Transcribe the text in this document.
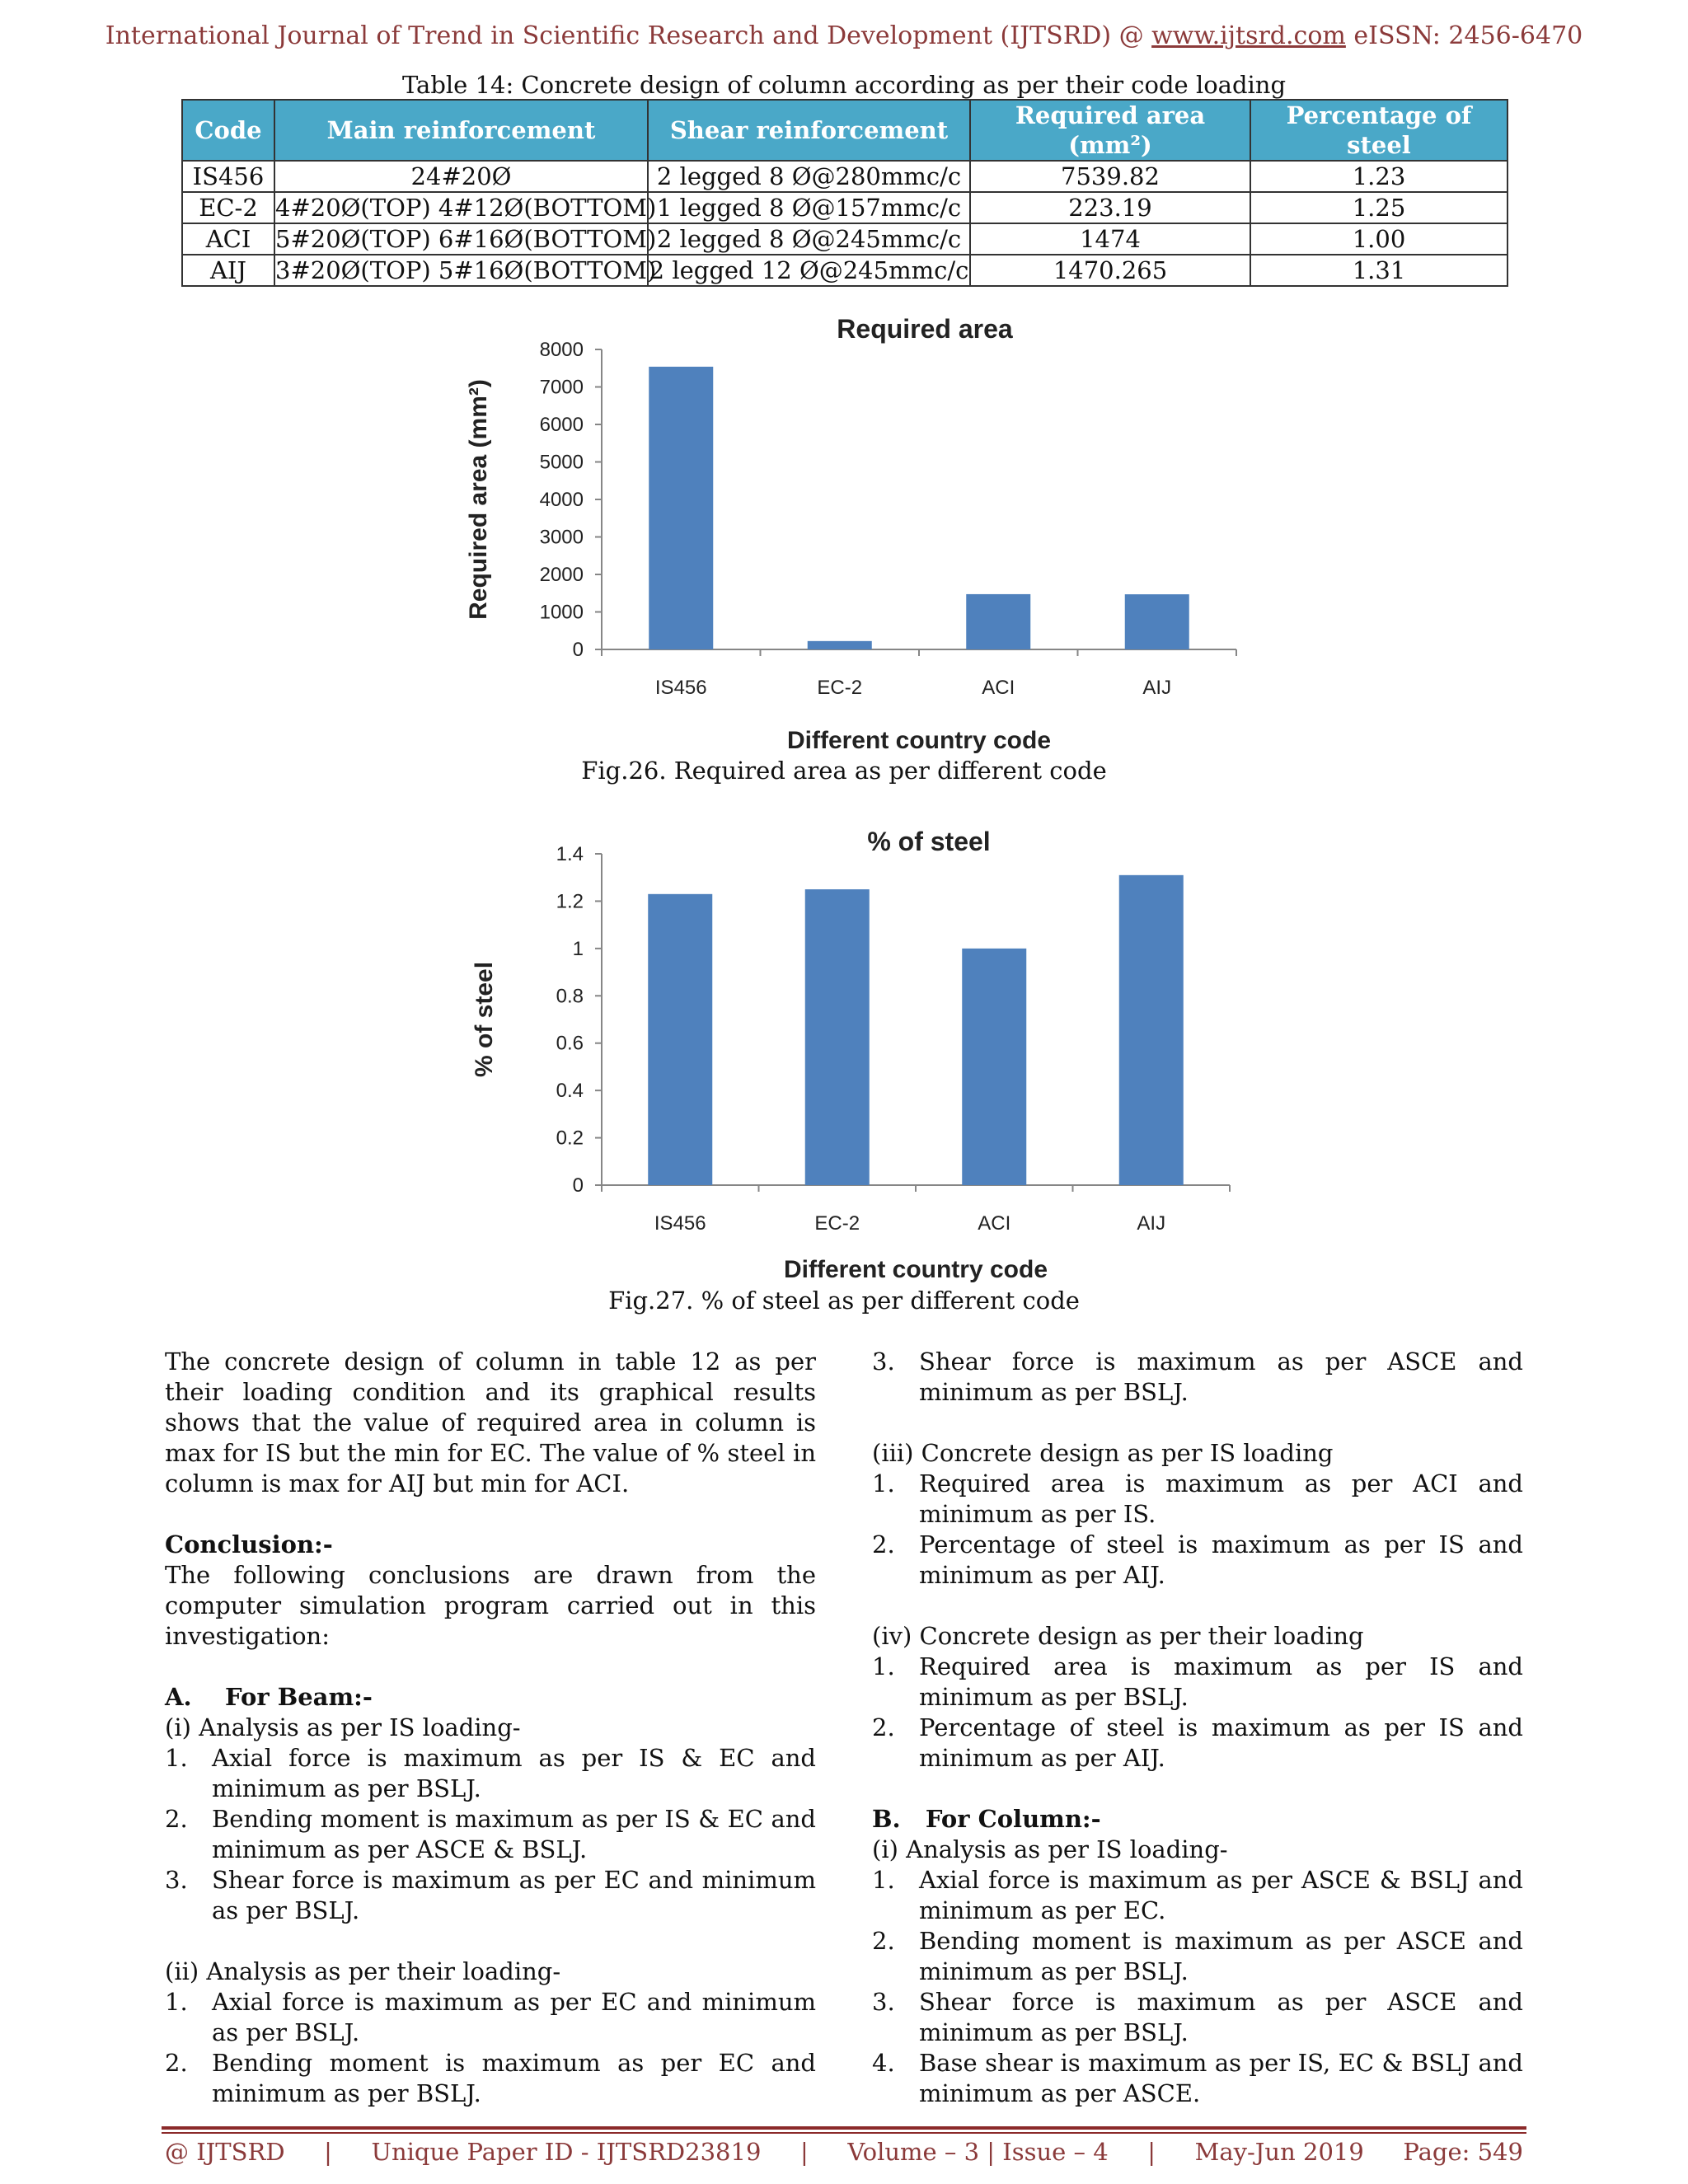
International Journal of Trend in Scientific Research and Development (IJTSRD) @ www.ijtsrd.com eISSN: 2456-6470
Table 14: Concrete design of column according as per their code loading
Code	Main reinforcement	Shear reinforcement	Required area (mm²)	Percentage of steel
IS456	24#20Ø	2 legged 8 Ø@280mmc/c	7539.82	1.23
EC-2	4#20Ø(TOP) 4#12Ø(BOTTOM)	1 legged 8 Ø@157mmc/c	223.19	1.25
ACI	5#20Ø(TOP) 6#16Ø(BOTTOM)	2 legged 8 Ø@245mmc/c	1474	1.00
AIJ	3#20Ø(TOP) 5#16Ø(BOTTOM)	2 legged 12 Ø@245mmc/c	1470.265	1.31
Required area
0
1000
2000
3000
4000
5000
6000
7000
8000
IS456	EC-2	ACI	AIJ
Different country code
Required area (mm²)
Fig.26. Required area as per different code
% of steel
0
0.2
0.4
0.6
0.8
1
1.2
1.4
IS456	EC-2	ACI	AIJ
Different country code
% of steel
Fig.27. % of steel as per different code

The concrete design of column in table 12 as per their loading condition and its graphical results shows that the value of required area in column is max for IS but the min for EC. The value of % steel in column is max for AIJ but min for ACI.

Conclusion:-

The following conclusions are drawn from the computer simulation program carried out in this investigation:

A. For Beam:-

(i) Analysis as per IS loading-

1. Axial force is maximum as per IS & EC and minimum as per BSLJ.
2. Bending moment is maximum as per IS & EC and minimum as per ASCE & BSLJ.
3. Shear force is maximum as per EC and minimum as per BSLJ.

(ii) Analysis as per their loading-

1. Axial force is maximum as per EC and minimum as per BSLJ.
2. Bending moment is maximum as per EC and minimum as per BSLJ.
3. Shear force is maximum as per ASCE and minimum as per BSLJ.

(iii) Concrete design as per IS loading

1. Required area is maximum as per ACI and minimum as per IS.
2. Percentage of steel is maximum as per IS and minimum as per AIJ.

(iv) Concrete design as per their loading

1. Required area is maximum as per IS and minimum as per BSLJ.
2. Percentage of steel is maximum as per IS and minimum as per AIJ.

B. For Column:-

(i) Analysis as per IS loading-

1. Axial force is maximum as per ASCE & BSLJ and minimum as per EC.
2. Bending moment is maximum as per ASCE and minimum as per BSLJ.
3. Shear force is maximum as per ASCE and minimum as per BSLJ.
4. Base shear is maximum as per IS, EC & BSLJ and minimum as per ASCE.
@ IJTSRD | Unique Paper ID - IJTSRD23819 | Volume – 3 | Issue – 4 | May-Jun 2019 Page: 549
